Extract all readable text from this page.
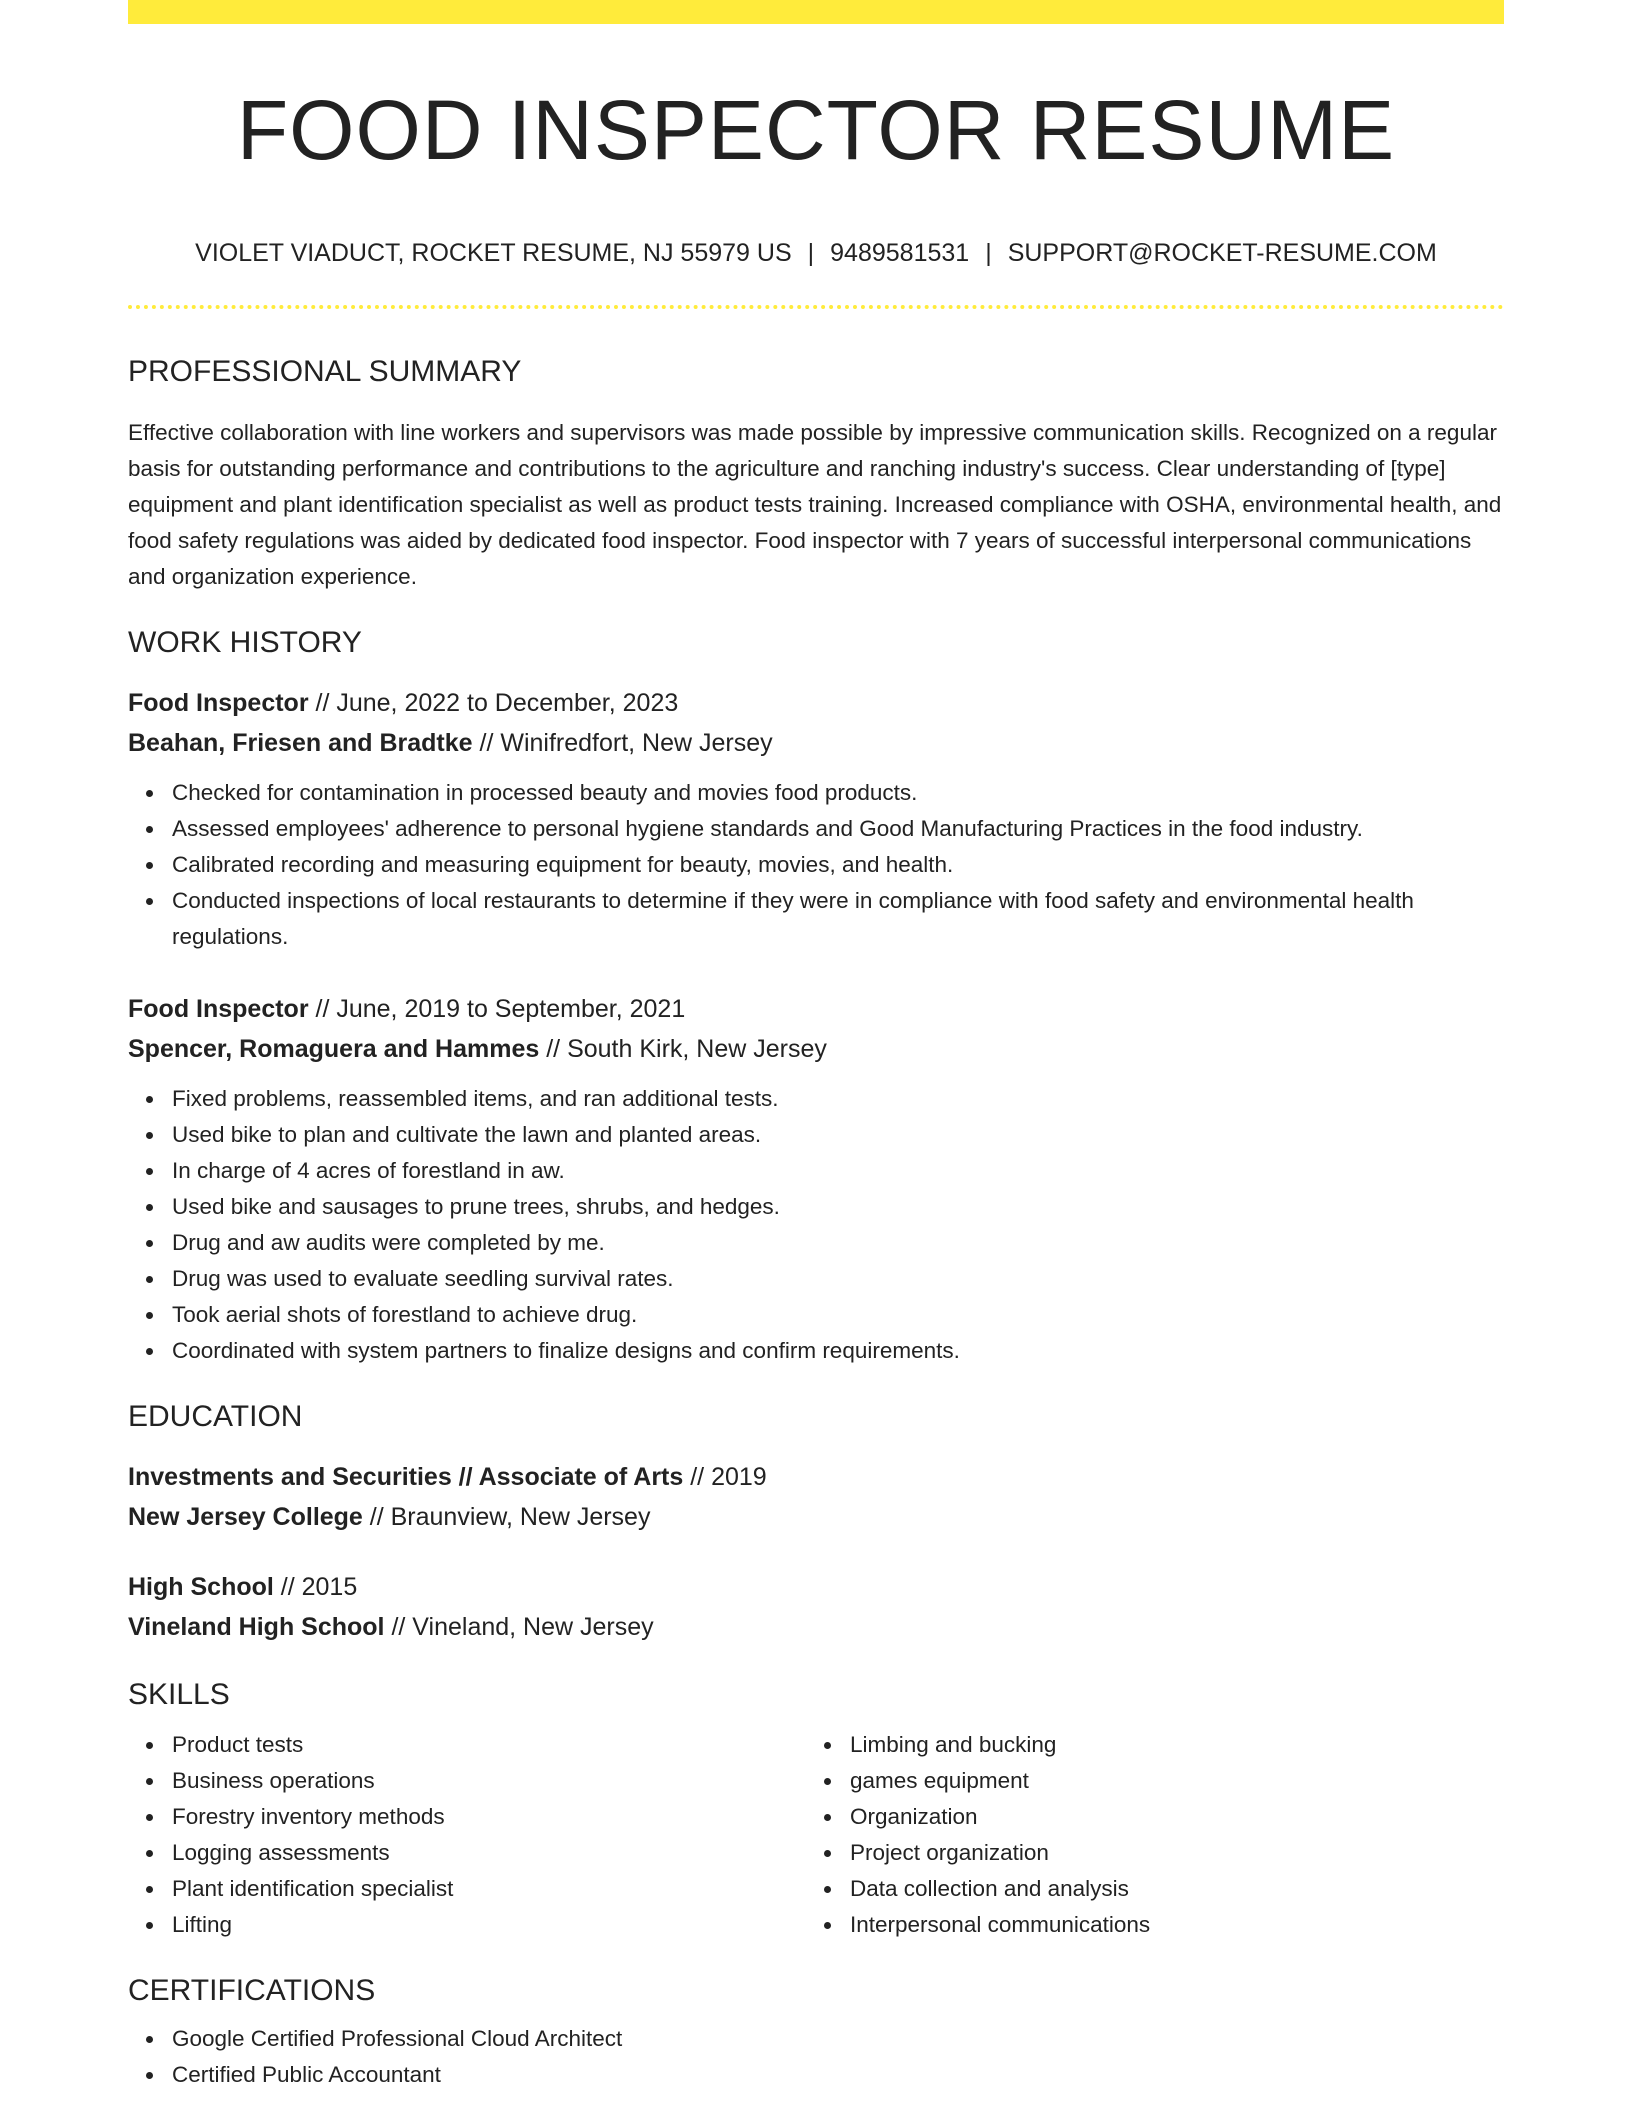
FOOD INSPECTOR RESUME
VIOLET VIADUCT, ROCKET RESUME, NJ 55979 US | 9489581531 | SUPPORT@ROCKET-RESUME.COM
PROFESSIONAL SUMMARY
Effective collaboration with line workers and supervisors was made possible by impressive communication skills. Recognized on a regular basis for outstanding performance and contributions to the agriculture and ranching industry's success. Clear understanding of [type] equipment and plant identification specialist as well as product tests training. Increased compliance with OSHA, environmental health, and food safety regulations was aided by dedicated food inspector. Food inspector with 7 years of successful interpersonal communications and organization experience.
WORK HISTORY
Food Inspector // June, 2022 to December, 2023
Beahan, Friesen and Bradtke // Winifredfort, New Jersey
Checked for contamination in processed beauty and movies food products.
Assessed employees' adherence to personal hygiene standards and Good Manufacturing Practices in the food industry.
Calibrated recording and measuring equipment for beauty, movies, and health.
Conducted inspections of local restaurants to determine if they were in compliance with food safety and environmental health regulations.
Food Inspector // June, 2019 to September, 2021
Spencer, Romaguera and Hammes // South Kirk, New Jersey
Fixed problems, reassembled items, and ran additional tests.
Used bike to plan and cultivate the lawn and planted areas.
In charge of 4 acres of forestland in aw.
Used bike and sausages to prune trees, shrubs, and hedges.
Drug and aw audits were completed by me.
Drug was used to evaluate seedling survival rates.
Took aerial shots of forestland to achieve drug.
Coordinated with system partners to finalize designs and confirm requirements.
EDUCATION
Investments and Securities // Associate of Arts // 2019
New Jersey College // Braunview, New Jersey
High School // 2015
Vineland High School // Vineland, New Jersey
SKILLS
Product tests
Business operations
Forestry inventory methods
Logging assessments
Plant identification specialist
Lifting
Limbing and bucking
games equipment
Organization
Project organization
Data collection and analysis
Interpersonal communications
CERTIFICATIONS
Google Certified Professional Cloud Architect
Certified Public Accountant
